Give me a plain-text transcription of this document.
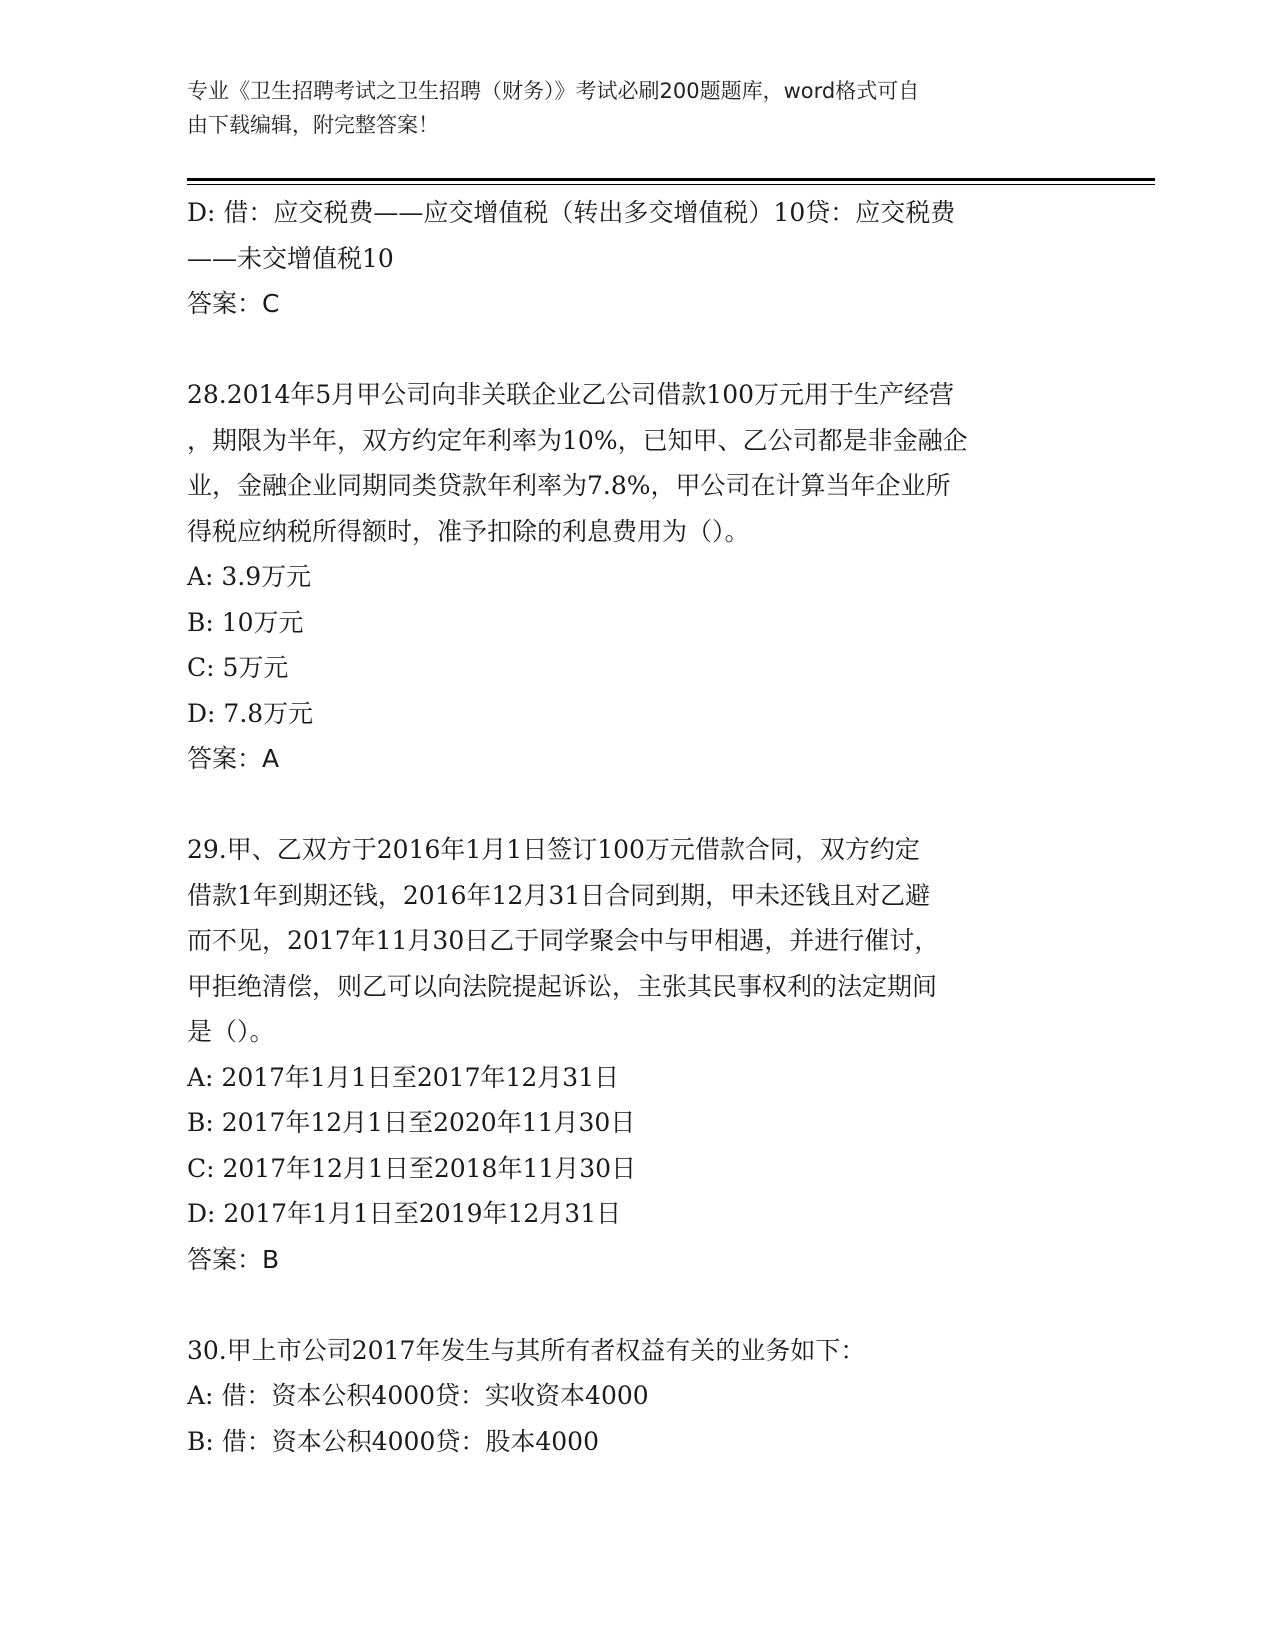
专业《卫生招聘考试之卫生招聘（财务）》考试必刷200题题库，word格式可自
由下载编辑，附完整答案！
D: 借：应交税费——应交增值税（转出多交增值税）10贷：应交税费
——未交增值税10
答案：C
28.2014年5月甲公司向非关联企业乙公司借款100万元用于生产经营
，期限为半年，双方约定年利率为10%，已知甲、乙公司都是非金融企
业，金融企业同期同类贷款年利率为7.8%，甲公司在计算当年企业所
得税应纳税所得额时，准予扣除的利息费用为（）。
A: 3.9万元
B: 10万元
C: 5万元
D: 7.8万元
答案：A
29.甲、乙双方于2016年1月1日签订100万元借款合同，双方约定
借款1年到期还钱，2016年12月31日合同到期，甲未还钱且对乙避
而不见，2017年11月30日乙于同学聚会中与甲相遇，并进行催讨，
甲拒绝清偿，则乙可以向法院提起诉讼，主张其民事权利的法定期间
是（）。
A: 2017年1月1日至2017年12月31日
B: 2017年12月1日至2020年11月30日
C: 2017年12月1日至2018年11月30日
D: 2017年1月1日至2019年12月31日
答案：B
30.甲上市公司2017年发生与其所有者权益有关的业务如下：
A: 借：资本公积4000贷：实收资本4000
B: 借：资本公积4000贷：股本4000
